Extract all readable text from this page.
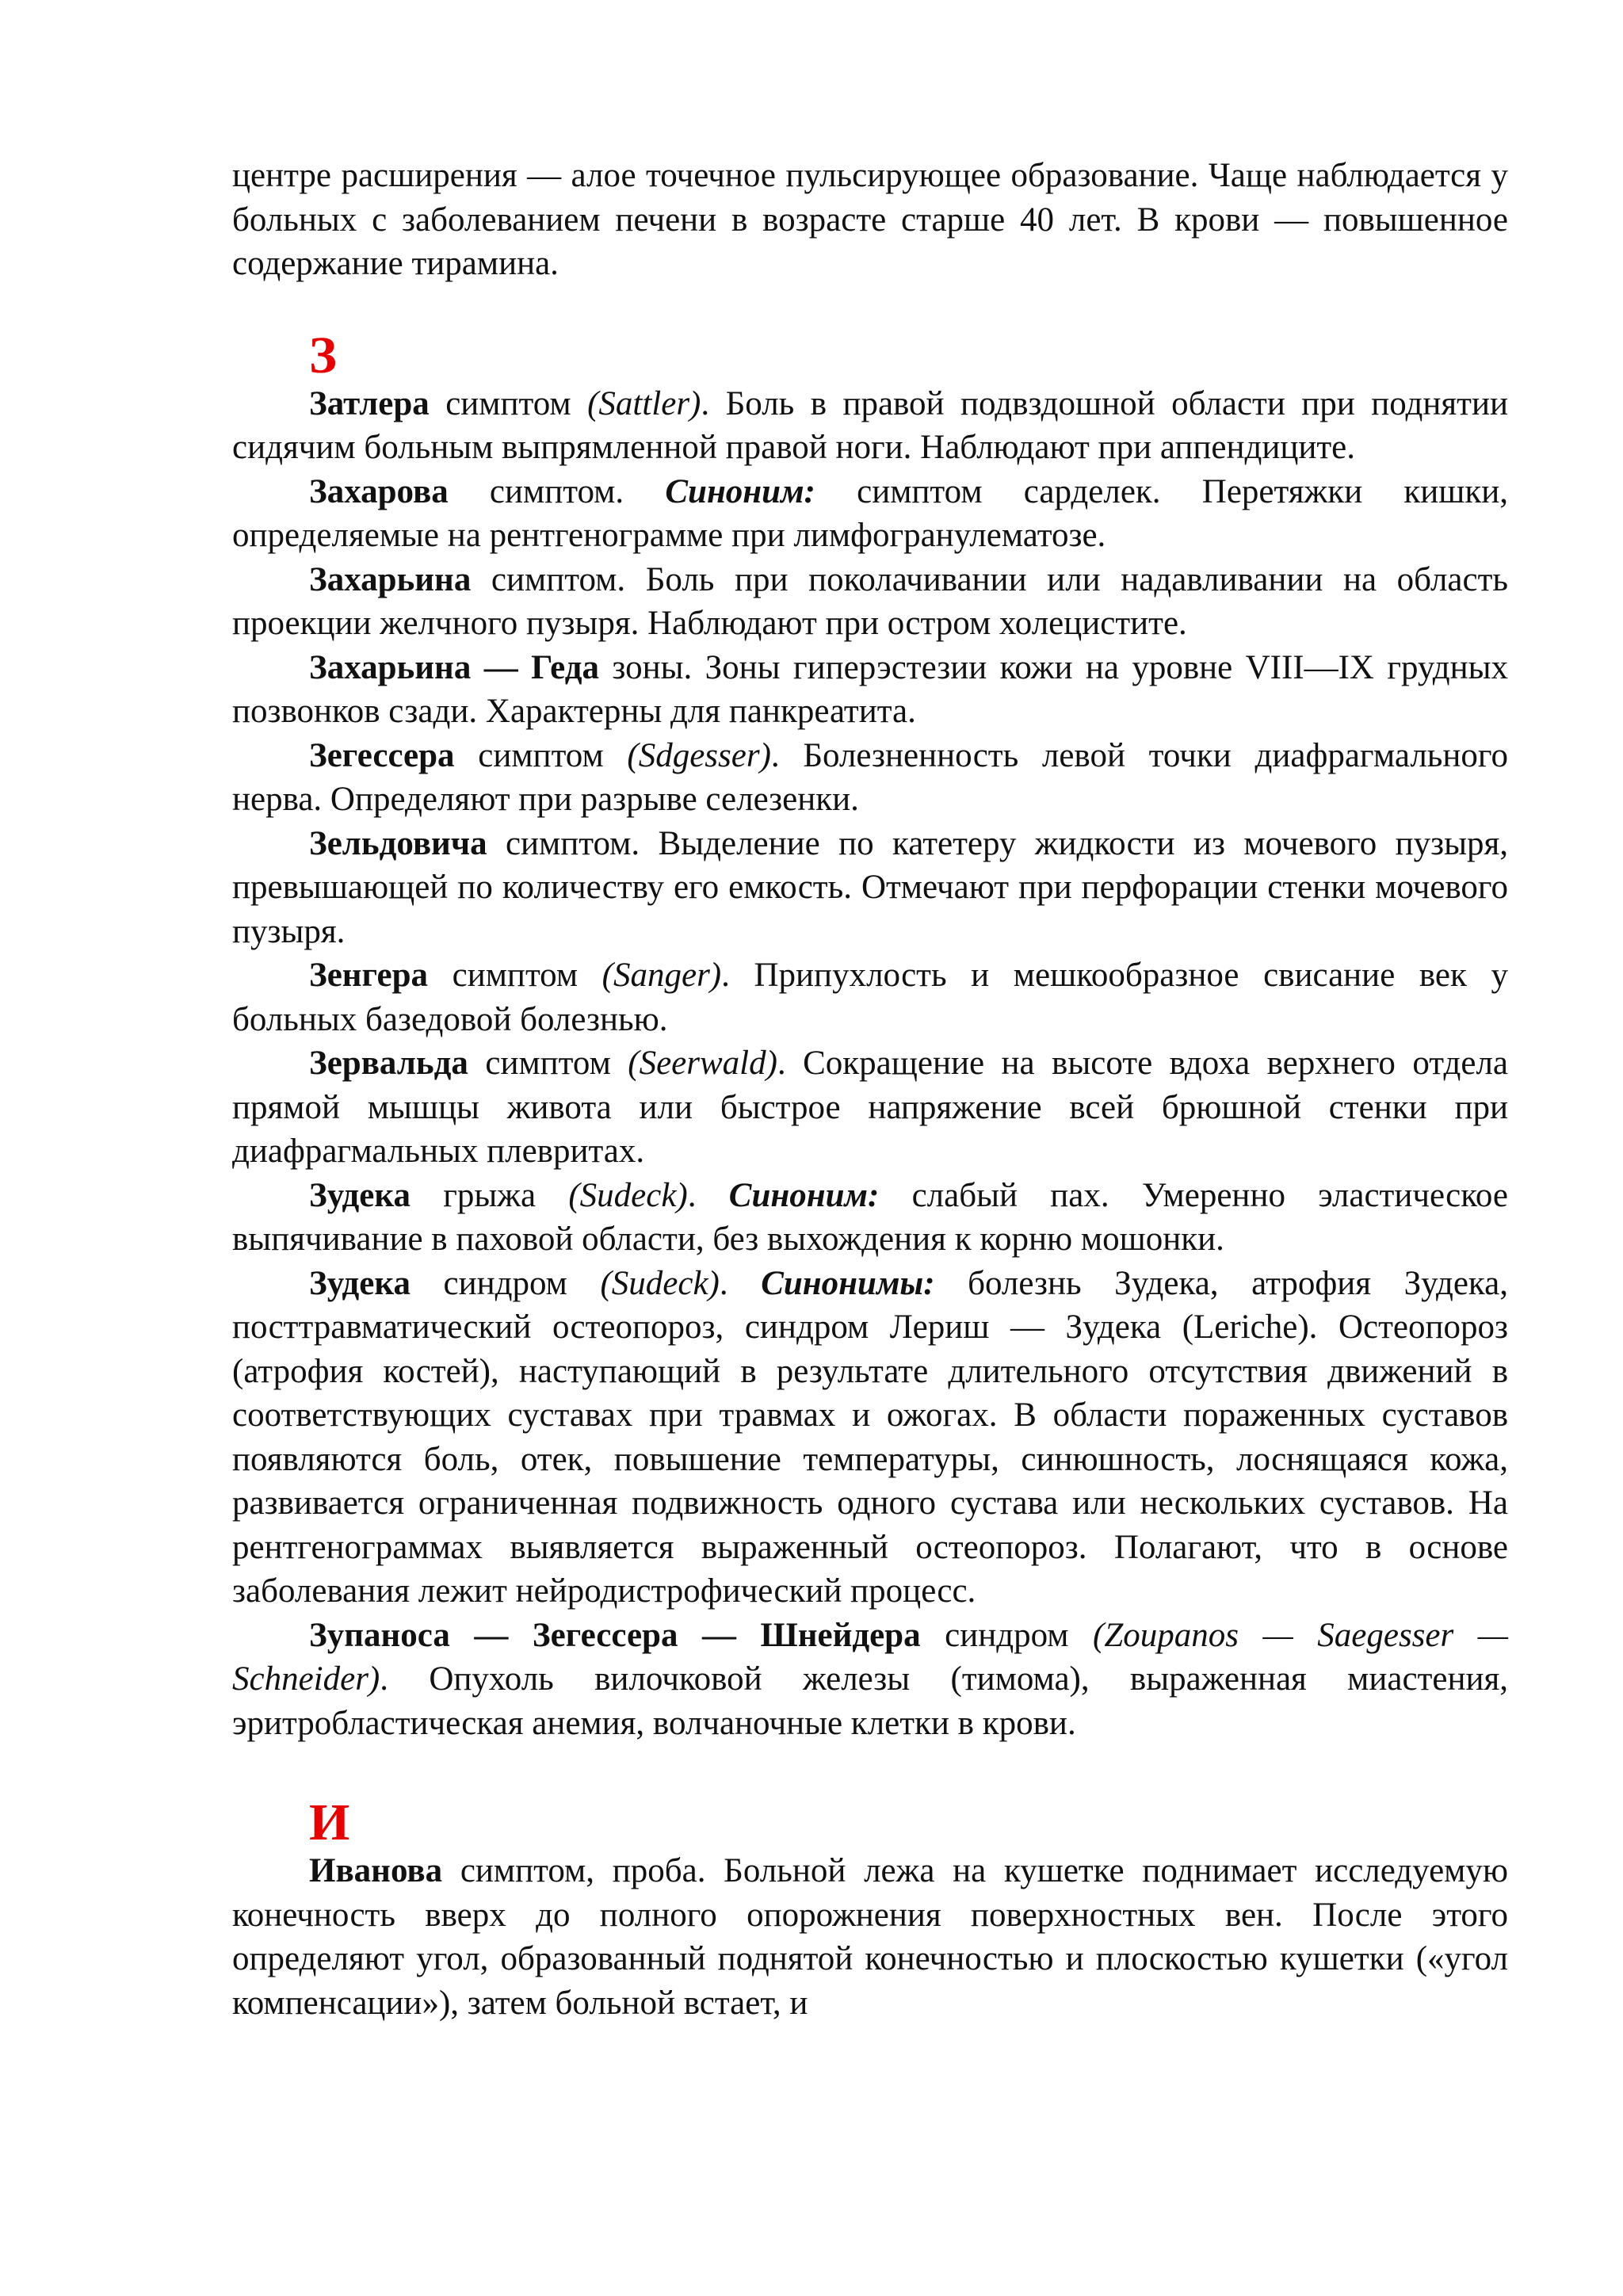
центре расширения — алое точечное пульсирующее образование. Чаще наблюдается у больных с заболеванием печени в возрасте старше 40 лет. В крови — повышенное содержание тирамина.

З

Затлера симптом (Sattler). Боль в правой подвздошной области при поднятии сидячим больным выпрямленной правой ноги. Наблюдают при аппендиците.

Захарова симптом. Синоним: симптом сарделек. Перетяжки кишки, определяемые на рентгенограмме при лимфогранулематозе.

Захарьина симптом. Боль при поколачивании или надавливании на область проекции желчного пузыря. Наблюдают при остром холецистите.

Захарьина — Геда зоны. Зоны гиперэстезии кожи на уровне VIII—IX грудных позвонков сзади. Характерны для панкреатита.

Зегессера симптом (Sdgesser). Болезненность левой точки диафрагмального нерва. Определяют при разрыве селезенки.

Зельдовича симптом. Выделение по катетеру жидкости из мочевого пузыря, превышающей по количеству его емкость. Отмечают при перфорации стенки мочевого пузыря.

Зенгера симптом (Sanger). Припухлость и мешкообразное свисание век у больных базедовой болезнью.

Зервальда симптом (Seerwald). Сокращение на высоте вдоха верхнего отдела прямой мышцы живота или быстрое напряжение всей брюшной стенки при диафрагмальных плевритах.

Зудека грыжа (Sudeck). Синоним: слабый пах. Умеренно эластическое выпячивание в паховой области, без выхождения к корню мошонки.

Зудека синдром (Sudeck). Синонимы: болезнь Зудека, атрофия Зудека, посттравматический остеопороз, синдром Лериш — Зудека (Leriche). Остеопороз (атрофия костей), наступающий в результате длительного отсутствия движений в соответствующих суставах при травмах и ожогах. В области пораженных суставов появляются боль, отек, повышение температуры, синюшность, лоснящаяся кожа, развивается ограниченная подвижность одного сустава или нескольких суставов. На рентгенограммах выявляется выраженный остеопороз. Полагают, что в основе заболевания лежит нейродистрофический процесс.

Зупаноса — Зегессера — Шнейдера синдром (Zoupanos — Saegesser — Schneider). Опухоль вилочковой железы (тимома), выраженная миастения, эритробластическая анемия, волчаночные клетки в крови.

И

Иванова симптом, проба. Больной лежа на кушетке поднимает исследуемую конечность вверх до полного опорожнения поверхностных вен. После этого определяют угол, образованный поднятой конечностью и плоскостью кушетки («угол компенсации»), затем больной встает, и
